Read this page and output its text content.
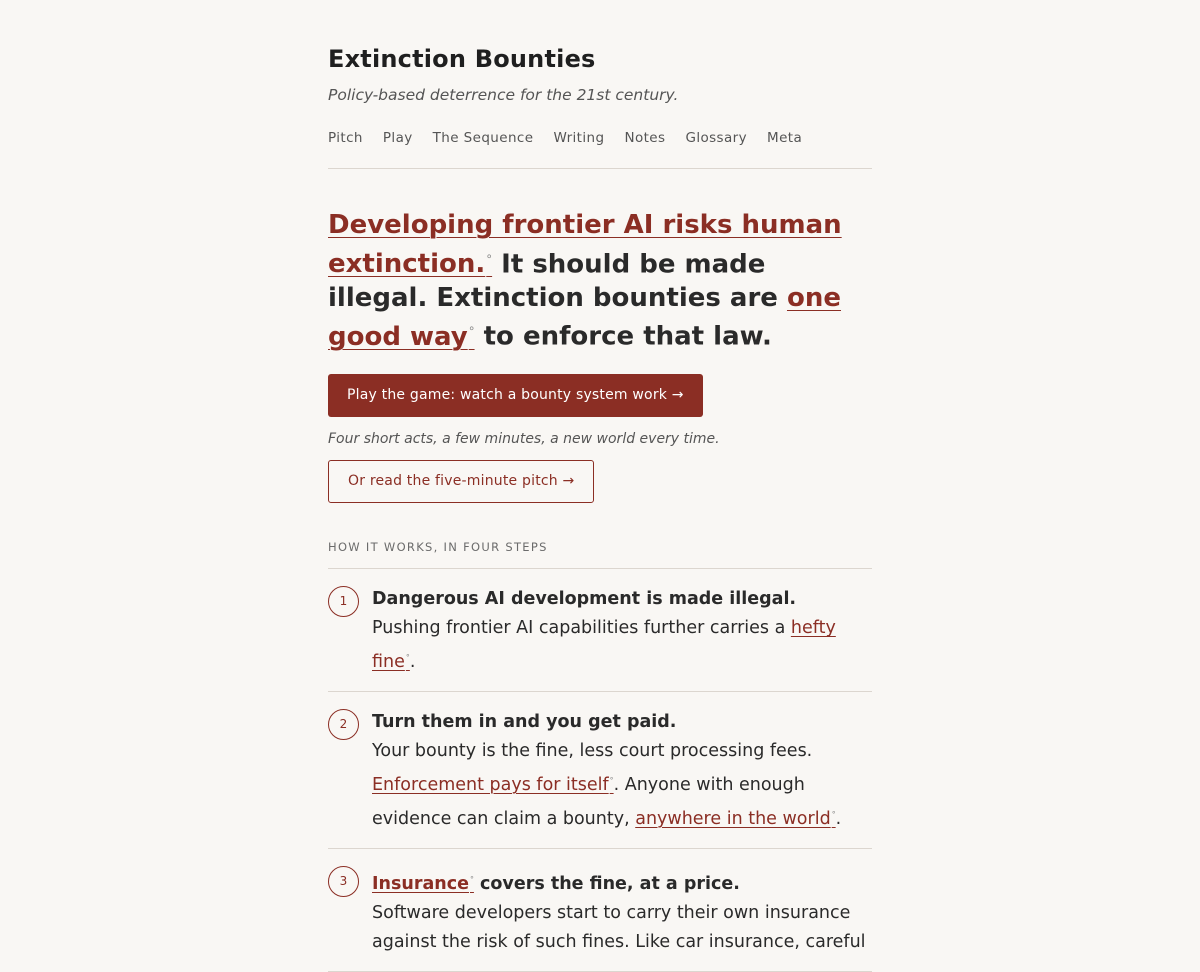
Extinction Bounties
Policy-based deterrence for the 21st century.
Pitch Play The Sequence Writing Notes Glossary Meta
Developing frontier AI risks human extinction.° It should be made illegal. Extinction bounties are one good way° to enforce that law.
Play the game: watch a bounty system work →
Four short acts, a few minutes, a new world every time.
Or read the five-minute pitch →
HOW IT WORKS, IN FOUR STEPS
1	Dangerous AI development is made illegal.
Pushing frontier AI capabilities further carries a hefty fine°.
2	Turn them in and you get paid.
Your bounty is the fine, less court processing fees. Enforcement pays for itself°. Anyone with enough evidence can claim a bounty, anywhere in the world°.
3	Insurance° covers the fine, at a price.
Software developers start to carry their own insurance against the risk of such fines. Like car insurance, careful
